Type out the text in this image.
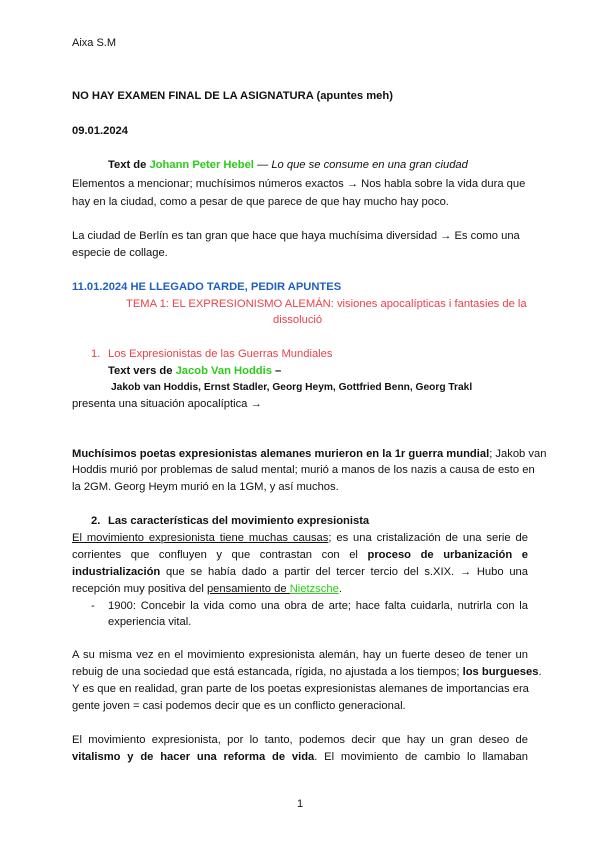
Aixa S.M
NO HAY EXAMEN FINAL DE LA ASIGNATURA (apuntes meh)
09.01.2024
Text de Johann Peter Hebel — Lo que se consume en una gran ciudad
Elementos a mencionar; muchísimos números exactos → Nos habla sobre la vida dura que
hay en la ciudad, como a pesar de que parece de que hay mucho hay poco.
La ciudad de Berlín es tan gran que hace que haya muchísima diversidad → Es como una
especie de collage.
11.01.2024 HE LLEGADO TARDE, PEDIR APUNTES
TEMA 1: EL EXPRESIONISMO ALEMÁN: visiones apocalípticas i fantasies de la
dissolució
1. Los Expresionistas de las Guerras Mundiales
Text vers de Jacob Van Hoddis –
Jakob van Hoddis, Ernst Stadler, Georg Heym, Gottfried Benn, Georg Trakl
presenta una situación apocalíptica →
Muchísimos poetas expresionistas alemanes murieron en la 1r guerra mundial; Jakob van
Hoddis murió por problemas de salud mental; murió a manos de los nazis a causa de esto en
la 2GM. Georg Heym murió en la 1GM, y así muchos.
2. Las características del movimiento expresionista
El movimiento expresionista tiene muchas causas; es una cristalización de una serie de
corrientes que confluyen y que contrastan con el proceso de urbanización e
industrialización que se había dado a partir del tercer tercio del s.XIX. → Hubo una
recepción muy positiva del pensamiento de Nietzsche.
- 1900: Concebir la vida como una obra de arte; hace falta cuidarla, nutrirla con la
experiencia vital.
A su misma vez en el movimiento expresionista alemán, hay un fuerte deseo de tener un
rebuig de una sociedad que está estancada, rígida, no ajustada a los tiempos; los burgueses.
Y es que en realidad, gran parte de los poetas expresionistas alemanes de importancias era
gente joven = casi podemos decir que es un conflicto generacional.
El movimiento expresionista, por lo tanto, podemos decir que hay un gran deseo de
vitalismo y de hacer una reforma de vida. El movimiento de cambio lo llamaban
1
